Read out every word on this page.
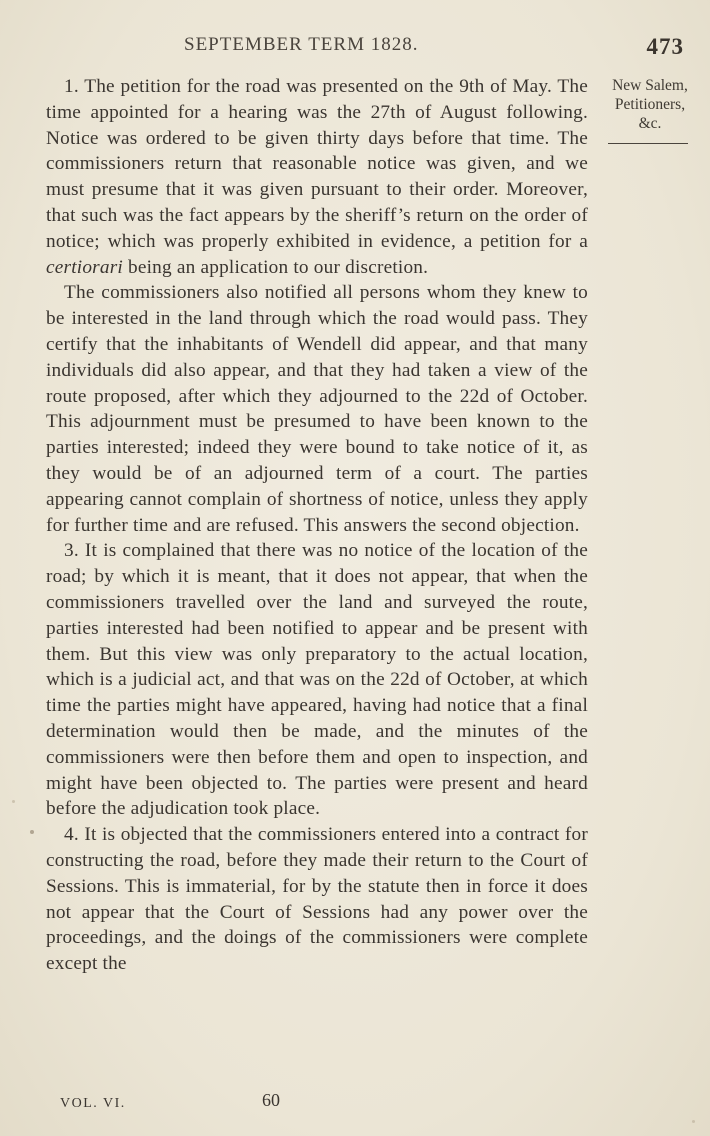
SEPTEMBER TERM 1828.	473
New Salem,
Petitioners,
&c.

1. The petition for the road was presented on the 9th of May. The time appointed for a hearing was the 27th of August following. Notice was ordered to be given thirty days before that time. The commissioners return that reasonable notice was given, and we must presume that it was given pursuant to their order. Moreover, that such was the fact appears by the sheriff’s return on the order of notice; which was properly exhibited in evidence, a petition for a certiorari being an application to our discretion.

The commissioners also notified all persons whom they knew to be interested in the land through which the road would pass. They certify that the inhabitants of Wendell did appear, and that many individuals did also appear, and that they had taken a view of the route proposed, after which they adjourned to the 22d of October. This adjournment must be presumed to have been known to the parties interested; indeed they were bound to take notice of it, as they would be of an adjourned term of a court. The parties appearing cannot complain of shortness of notice, unless they apply for further time and are refused. This answers the second objection.

3. It is complained that there was no notice of the location of the road; by which it is meant, that it does not appear, that when the commissioners travelled over the land and surveyed the route, parties interested had been notified to appear and be present with them. But this view was only preparatory to the actual location, which is a judicial act, and that was on the 22d of October, at which time the parties might have appeared, having had notice that a final determination would then be made, and the minutes of the commissioners were then before them and open to inspection, and might have been objected to. The parties were present and heard before the adjudication took place.

4. It is objected that the commissioners entered into a contract for constructing the road, before they made their return to the Court of Sessions. This is immaterial, for by the statute then in force it does not appear that the Court of Sessions had any power over the proceedings, and the doings of the commissioners were complete except the

VOL. VI.	60
